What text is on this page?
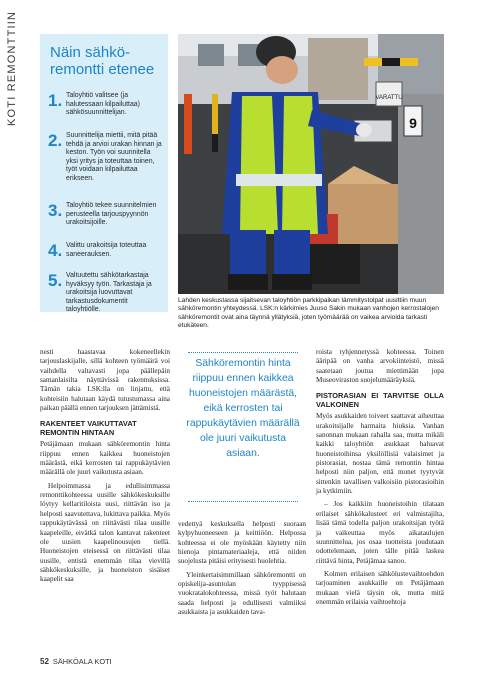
KOTI REMONTTIIN	Näin sähkö-
remontti etenee
1. Taloyhtiö valitsee (ja halutessaan kilpailuttaa) sähkösuunnittelijan.
2. Suunnittelija miettii, mitä pitää tehdä ja arvioi urakan hinnan ja keston. Työn voi suunnitella yksi yritys ja toteuttaa toinen, työt voidaan kilpailuttaa erikseen.
3. Taloyhtiö tekee suunnitelmien perusteella tarjouspyynnön urakoitsijoille.
4. Valittu urakoitsija toteuttaa saneerauksen.
5. Valtuutettu sähkötarkastaja hyväksyy työn. Tarkastaja ja urakoitsija luovuttavat tarkastusdokumentit taloyhtiölle.
VARATTU
9
Lahden keskustassa sijaitsevan taloyhtiön parkkipaikan lämmitystolpat uusittiin muun sähköremontin yhteydessä. LSK:n kärkimies Juuso Sakin mukaan vanhojen kerrostalojen sähköremontit ovat aina täynnä yllätyksiä, joten työmäärää on vaikea arvioida tarkasti etukäteen.

nesti haastavaa kokeneellekin tarjouslaskijalle, sillä kohteen työmäärä voi vaihdella valtavasti jopa päällepäin samanlaisilta näyttävissä rakennuksissa. Tämän takia LSK:lla on linjattu, että kohteisiin halutaan käydä tutustumassa aina paikan päällä ennen tarjouksen jättämistä.

RAKENTEET VAIKUTTAVAT
REMONTIN HINTAAN

Petäjämaan mukaan sähköremontin hinta riippuu ennen kaikkea huoneistojen määrästä, eikä kerrosten tai rappukäytävien määrällä ole juuri vaikutusta asiaan.

Helpoimmassa ja edullisimmassa remonttikohteessa uusille sähkökeskuksille löytyy kellaritiloista uusi, riittävän iso ja helposti saavutettava, lukittava paikka. Myös rappukäytävässä on riittävästi tilaa uusille kaapeleille, eivätkä talon kantavat rakenteet ole uusien kaapelinousujen tiellä. Huoneistojen eteisessä on riittävästi tilaa uusille, entistä enemmän tilaa vievillä sähkökeskuksille, ja huoneiston sisäiset kaapelit saa

Sähköremontin hinta riippuu ennen kaikkea huoneistojen määrästä, eikä kerrosten tai rappukäytävien määrällä ole juuri vaikutusta asiaan.

vedettyä keskuksella helposti suoraan kylpyhuoneeseen ja keittiöön. Helpossa kohteessa ei ole myöskään käytetty niin hienoja pintamateriaaleja, että niiden suojelusta pitäisi erityisesti huolehtia.

Yleinkertaisimmillaan sähköremontti on opiskelija-asuntolan tyyppisessä vuokratalokohteessa, missä työt halutaan saada helposti ja edullisesti valmiiksi asukkaista ja asukkaiden tava-

roista tyhjennetyssä kohteessa. Toinen ääripää on vanha arvokiinteistö, missä saatetaan joutua miettimään jopa Museoviraston suojelumääräyksiä.

PISTORASIAN EI TARVITSE OLLA VALKOINEN

Myös asukkaiden toiveet saattavat aiheuttaa urakoitsijalle harmaita hiuksia. Vanhan sanonnan mukaan rahalla saa, mutta mikäli kaikki taloyhtiön asukkaat haluavat huoneistoihinsa yksilöllisiä valaisimet ja pistorasiat, nostaa tämä remontin hintaa helposti niin paljon, että monet tyytyvät sittenkin tavallisen valkoisiin pistorasioihin ja kytkimiin.

– Jos kaikkiin huoneistoihin tilataan erilaiset sähkökalusteet eri valmistajilta, lisää tämä todella paljon urakoitsijan työtä ja vaikeuttaa myös aikataulujen suunnittelua, jos osaa tuotteista joudutaan odottelemaan, joten tälle pitää laskea riittävä hinta, Petäjämaa sanoo.

Kolmen erilaisen sähkölustevaihtoehdon tarjoaminen asukkaille on Petäjämaan mukaan vielä täysin ok, mutta mitä enemmän erilaisia vaihtoehtoja

52 SÄHKÖALA KOTI
